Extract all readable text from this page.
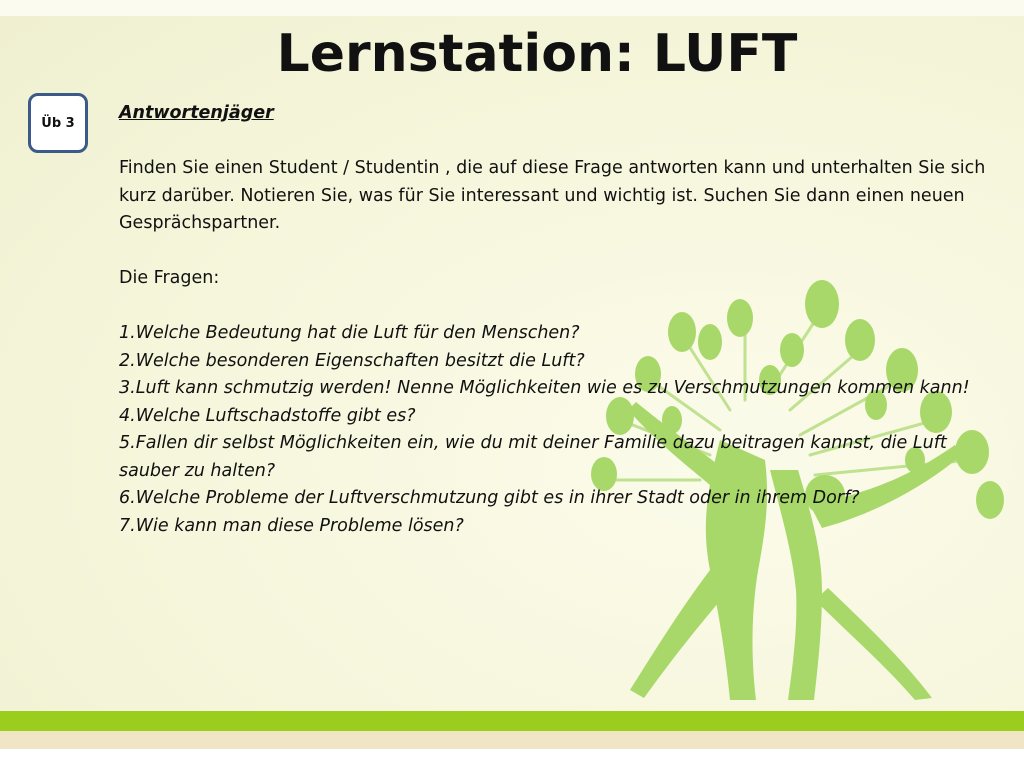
Lernstation: LUFT
Üb 3	Antwortenjäger
Finden Sie einen Student / Studentin , die auf diese Frage antworten kann und unterhalten Sie sich kurz darüber. Notieren Sie, was für Sie interessant und wichtig ist. Suchen Sie dann einen neuen Gesprächspartner.
Die Fragen:
1.Welche Bedeutung hat die Luft für den Menschen?
2.Welche besonderen Eigenschaften besitzt die Luft?
3.Luft kann schmutzig werden! Nenne Möglichkeiten wie es zu Verschmutzungen kommen kann!
4.Welche Luftschadstoffe gibt es?
5.Fallen dir selbst Möglichkeiten ein, wie du mit deiner Familie dazu beitragen kannst, die Luft sauber zu halten?
6.Welche Probleme der Luftverschmutzung gibt es in ihrer Stadt oder in ihrem Dorf?
7.Wie kann man diese Probleme lösen?
